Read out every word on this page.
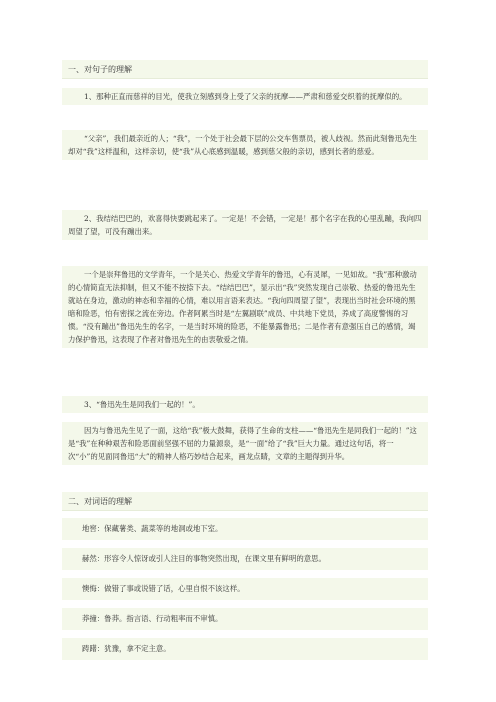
一、对句子的理解

1、那种正直而慈祥的目光，使我立刻感到身上受了父亲的抚摩——严肃和慈爱交织着的抚摩似的。

“父亲”，我们最亲近的人；“我”，一个处于社会最下层的公交车售票员，被人歧视。然而此刻鲁迅先生却对“我”这样温和，这样亲切，使“我”从心底感到温暖，感到慈父般的亲切，感到长者的慈爱。

2、我结结巴巴的，欢喜得快要跳起来了。一定是！不会错，一定是！那个名字在我的心里乱蹦，我向四周望了望，可没有蹦出来。

一个是崇拜鲁迅的文学青年，一个是关心、热爱文学青年的鲁迅，心有灵犀，一见如故。“我”那种激动的心情简直无法抑制，但又不能不按捺下去。“结结巴巴”，显示出“我”突然发现自己崇敬、热爱的鲁迅先生就站在身边，激动的神态和幸福的心情，难以用言语来表达。“我向四周望了望”，表现出当时社会环境的黑暗和险恶，怕有密探之流在旁边。作者阿累当时是“左翼剧联”成员、中共地下党员，养成了高度警惕的习惯。“没有蹦出”鲁迅先生的名字，一是当时环境的险恶，不能暴露鲁迅；二是作者有意强压自己的感情，竭力保护鲁迅，这表现了作者对鲁迅先生的由衷敬爱之情。

3、“鲁迅先生是同我们一起的！”。

因为与鲁迅先生见了一面，这给“我”极大鼓舞，获得了生命的支柱——“鲁迅先生是同我们一起的！”这是“我”在种种艰苦和险恶面前坚强不屈的力量源泉，是“一面”给了“我”巨大力量。通过这句话，将一次“小”的见面同鲁迅“大”的精神人格巧妙结合起来，画龙点睛，文章的主题得到升华。

二、对词语的理解
地窖：保藏薯类、蔬菜等的地洞或地下室。
赫然：形容令人惊讶或引人注目的事物突然出现，在课文里有鲜明的意思。
懊悔：做错了事或说错了话，心里自恨不该这样。
莽撞：鲁莽。指言语、行动粗率而不审慎。
踌躇：犹豫，拿不定主意。
